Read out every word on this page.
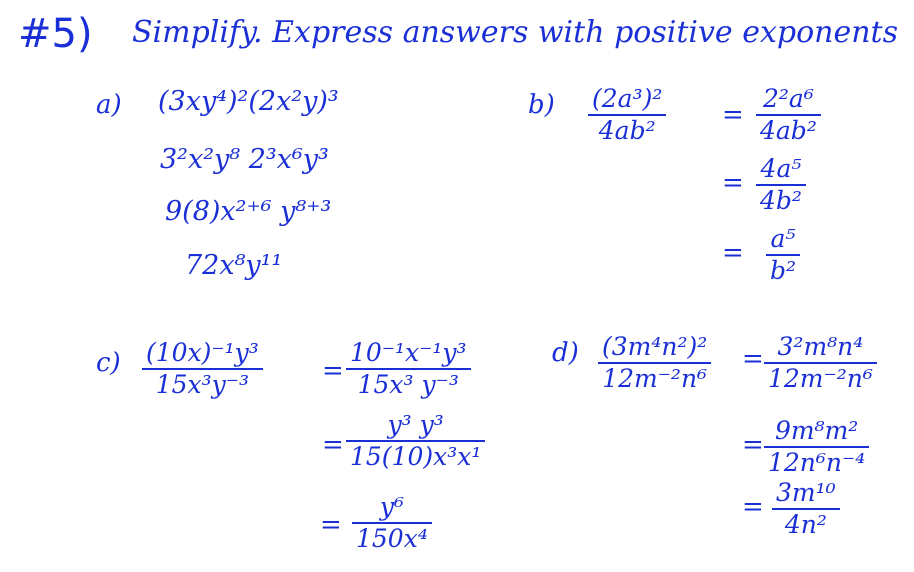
#5) Simplify. Express answers with positive exponents
a) (3xy⁴)²(2x²y)³
3²x²y⁸ 2³x⁶y³
9(8)x²⁺⁶ y⁸⁺³
72x⁸y¹¹
b) (2a³)²
4ab²
=
2²a⁶
4ab²
= 4a⁵
4b²
= a⁵
b²
c) (10x)⁻¹y³
15x³y⁻³	=
10⁻¹x⁻¹y³
15x³ y⁻³
=
y³ y³
15(10)x³x¹
=
y⁶
150x⁴
d) (3m⁴n²)²
12m⁻²n⁶
= 3²m⁸n⁴
12m⁻²n⁶
= 9m⁸m²
12n⁶n⁻⁴
= 3m¹⁰
4n²
